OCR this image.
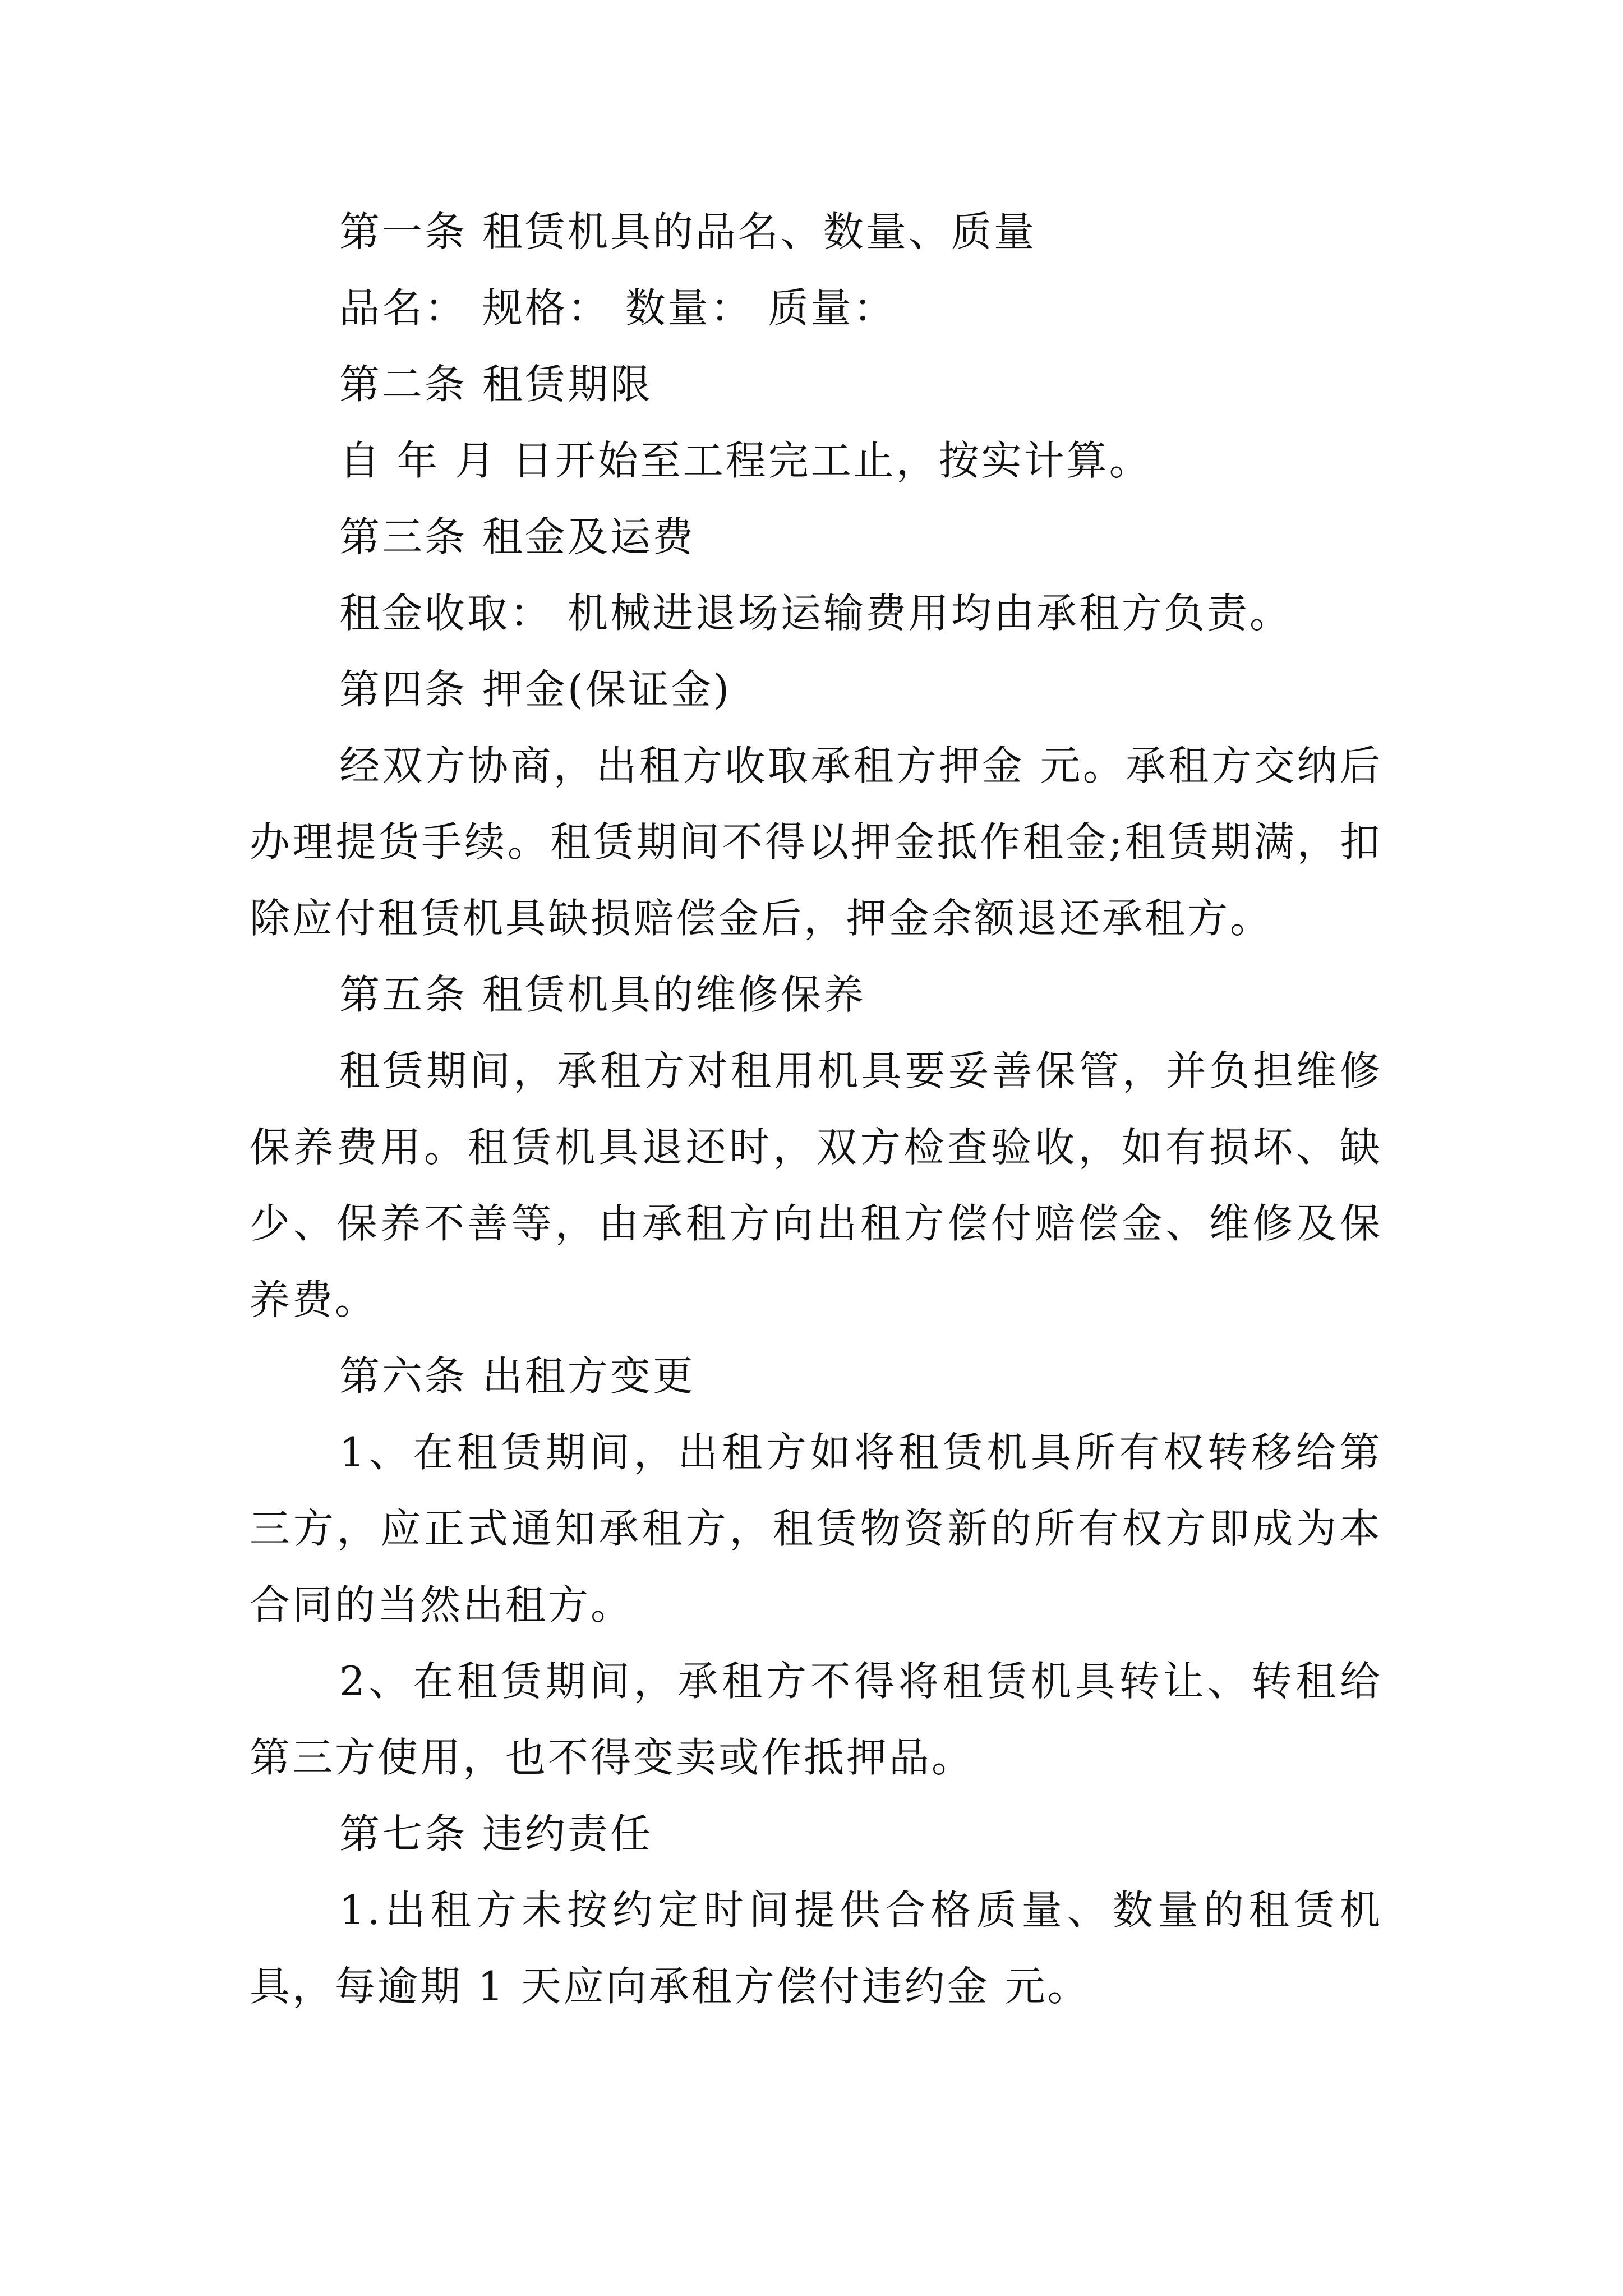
第一条 租赁机具的品名、数量、质量

品名： 规格： 数量： 质量：

第二条 租赁期限

自 年 月 日开始至工程完工止，按实计算。

第三条 租金及运费

租金收取： 机械进退场运输费用均由承租方负责。

第四条 押金(保证金)

经双方协商，出租方收取承租方押金 元。承租方交纳后办理提货手续。租赁期间不得以押金抵作租金;租赁期满，扣除应付租赁机具缺损赔偿金后，押金余额退还承租方。

第五条 租赁机具的维修保养

租赁期间，承租方对租用机具要妥善保管，并负担维修保养费用。租赁机具退还时，双方检查验收，如有损坏、缺少、保养不善等，由承租方向出租方偿付赔偿金、维修及保养费。

第六条 出租方变更

1、在租赁期间，出租方如将租赁机具所有权转移给第三方，应正式通知承租方，租赁物资新的所有权方即成为本合同的当然出租方。

2、在租赁期间，承租方不得将租赁机具转让、转租给第三方使用，也不得变卖或作抵押品。

第七条 违约责任

1.出租方未按约定时间提供合格质量、数量的租赁机具，每逾期 1 天应向承租方偿付违约金 元。
